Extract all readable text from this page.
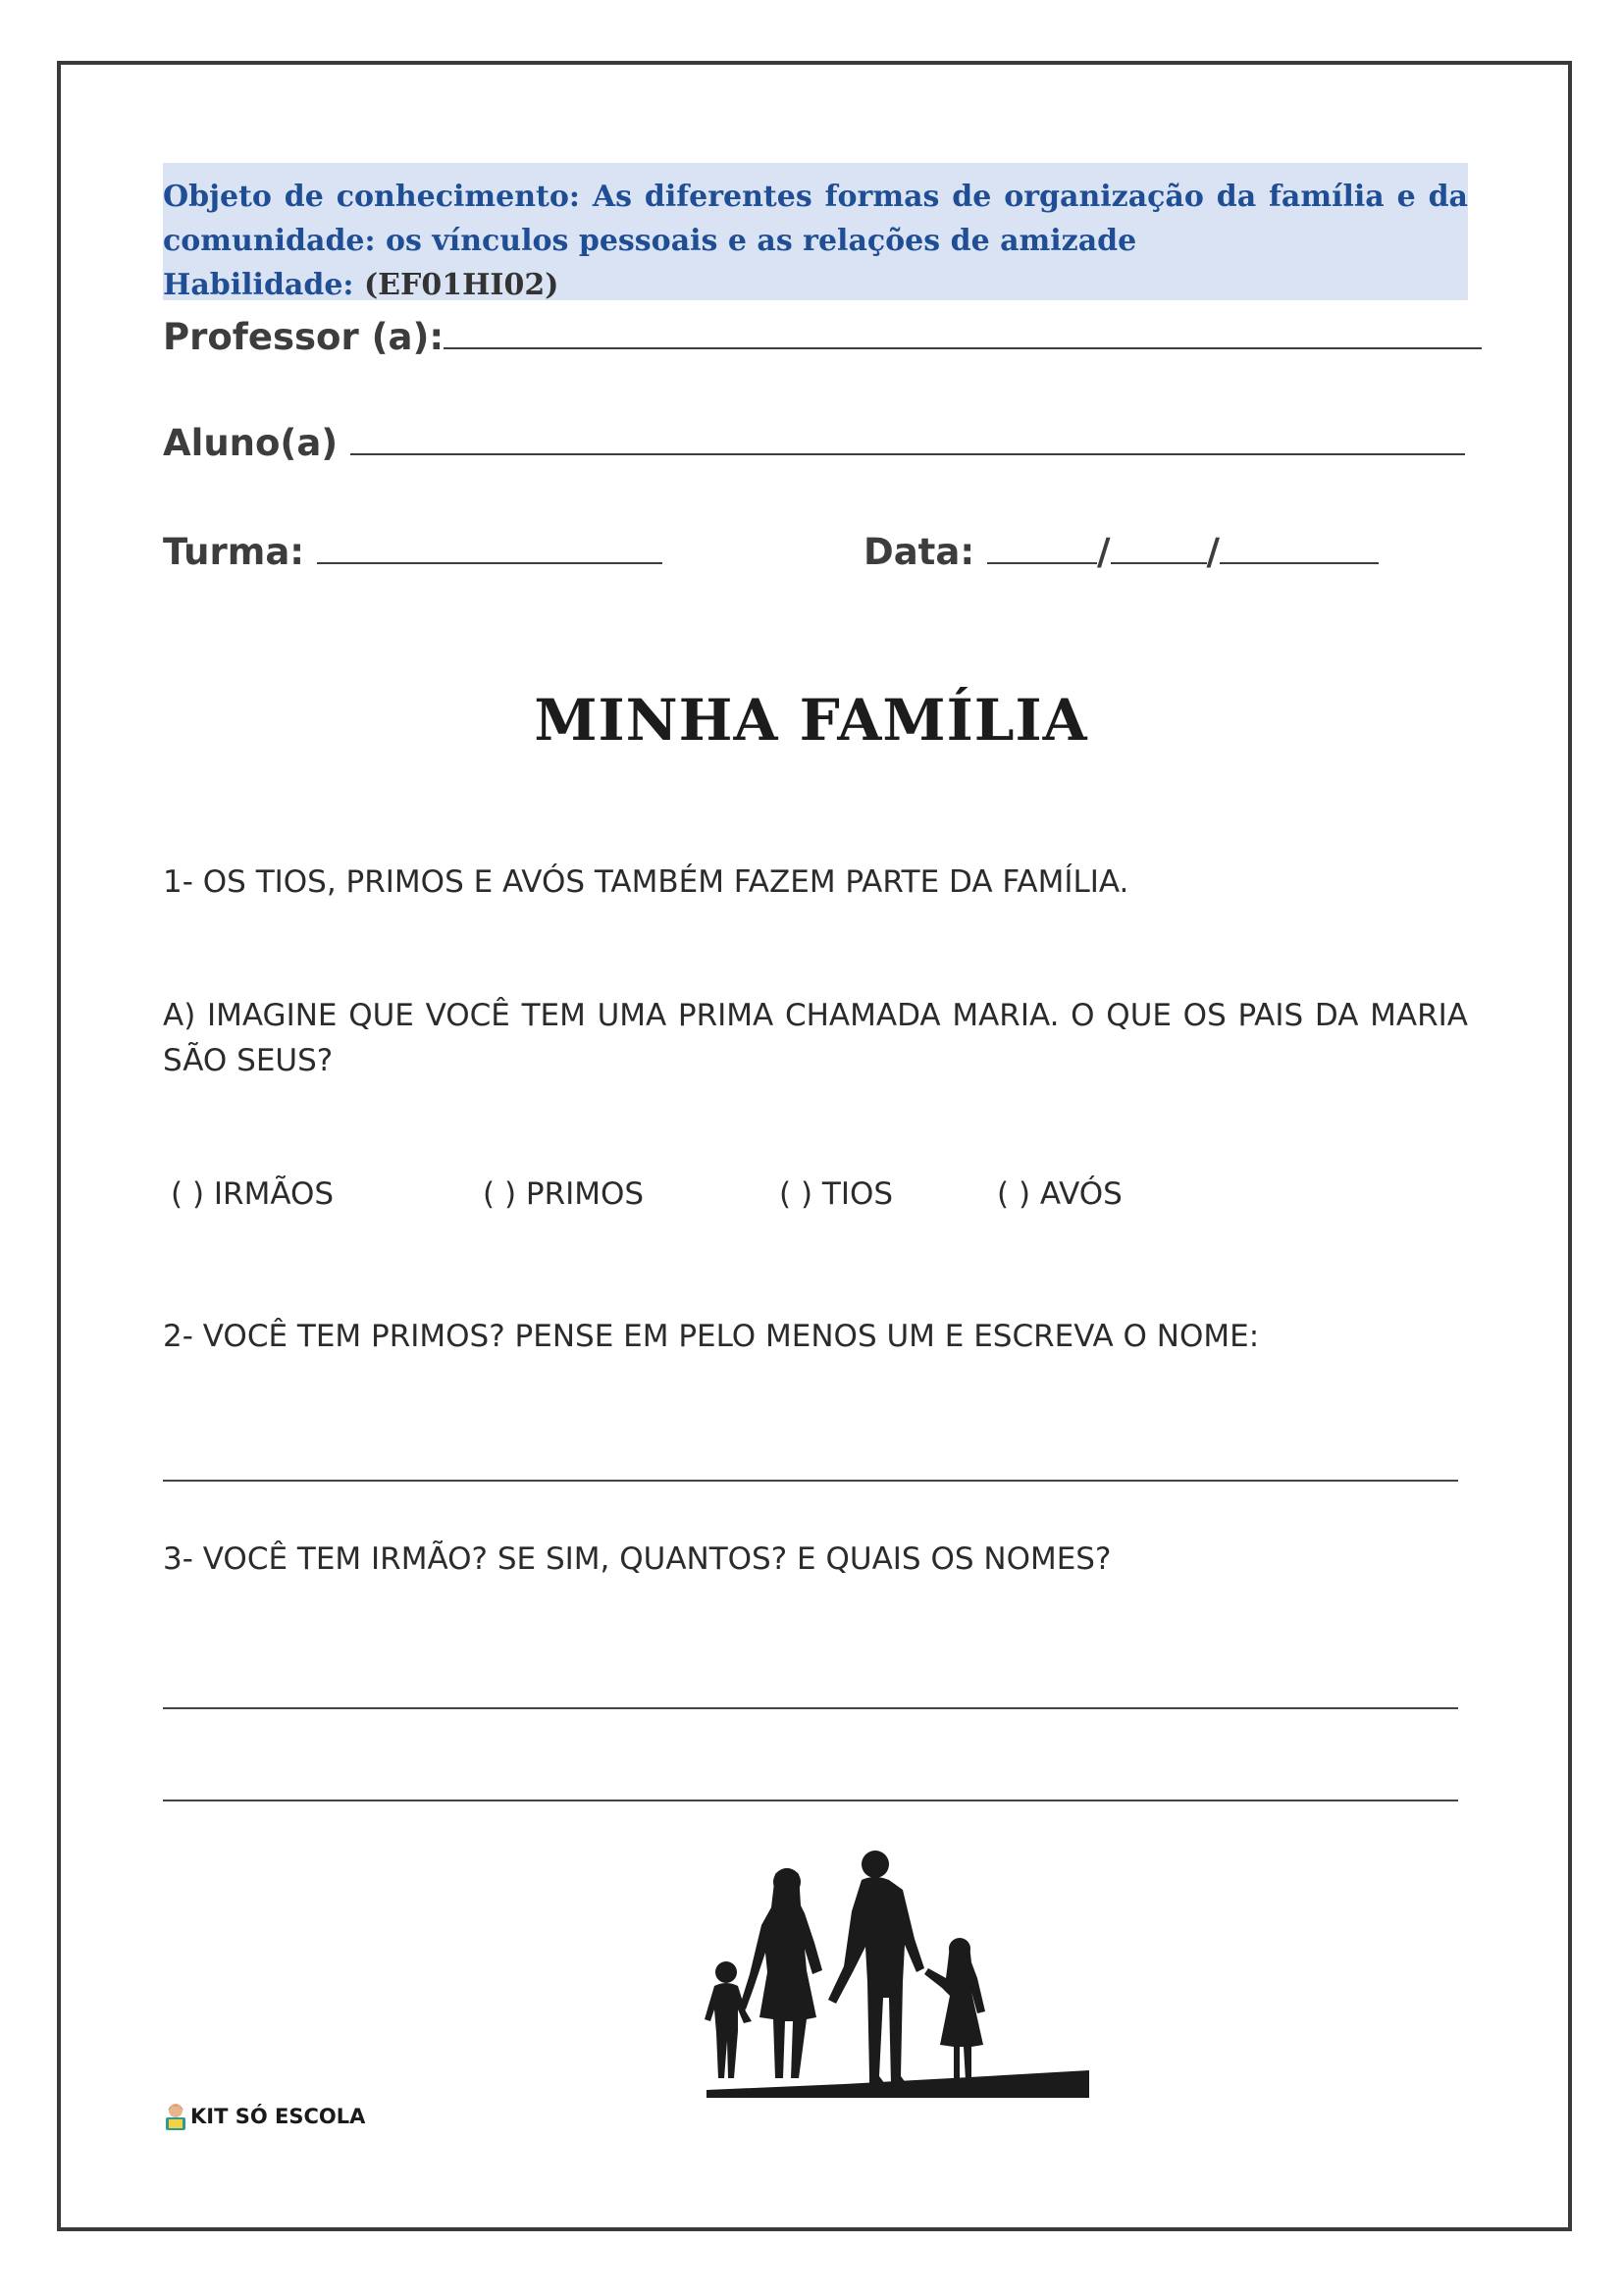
Objeto de conhecimento: As diferentes formas de organização da família e da
comunidade: os vínculos pessoais e as relações de amizade
Habilidade: (EF01HI02)
Professor (a):
Aluno(a)
Turma:	Data:	/	/
MINHA FAMÍLIA
1- OS TIOS, PRIMOS E AVÓS TAMBÉM FAZEM PARTE DA FAMÍLIA.
A) IMAGINE QUE VOCÊ TEM UMA PRIMA CHAMADA MARIA. O QUE OS PAIS DA MARIA SÃO SEUS?
( ) IRMÃOS	( ) PRIMOS	( ) TIOS	( ) AVÓS
2- VOCÊ TEM PRIMOS? PENSE EM PELO MENOS UM E ESCREVA O NOME:
3- VOCÊ TEM IRMÃO? SE SIM, QUANTOS? E QUAIS OS NOMES?
KIT SÓ ESCOLA
